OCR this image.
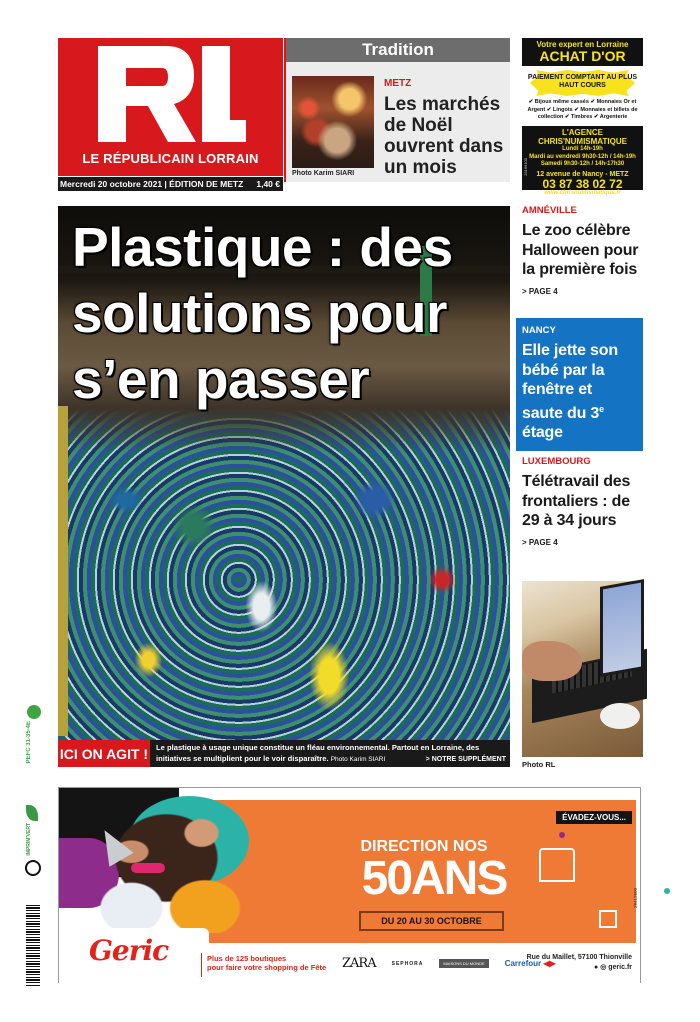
LE RÉPUBLICAIN LORRAIN
Mercredi 20 octobre 2021 | ÉDITION DE METZ 1,40 €
Tradition
Photo Karim SIARI
METZ
Les marchés de Noël ouvrent dans un mois
Votre expert en Lorraine
ACHAT D'OR
PAIEMENT COMPTANT AU PLUS HAUT COURS
✔ Bijoux même cassés ✔ Monnaies Or et Argent ✔ Lingots ✔ Monnaies et billets de collection ✔ Timbres ✔ Argenterie
L'AGENCE CHRIS'NUMISMATIQUE
Lundi 14h-19h
Mardi au vendredi 9h30-12h / 14h-19h
Samedi 9h30-12h / 14h-17h30
12 avenue de Nancy - METZ
03 87 38 02 72
www.chrisnumismatique.fr
23166100
Plastique : des solutions pour s’en passer
ICI ON AGIT !	Le plastique à usage unique constitue un fléau environnemental. Partout en Lorraine, des initiatives se multiplient pour le voir disparaître. Photo Karim SIARI	> NOTRE SUPPLÉMENT
AMNÉVILLE
Le zoo célèbre Halloween pour la première fois
> PAGE 4
NANCY
Elle jette son bébé par la fenêtre et saute du 3e étage
>PAGE 26
LUXEMBOURG
Télétravail des frontaliers : de 29 à 34 jours
> PAGE 4
Photo RL
PEFC 31-35-4E
IMPRIM'VERT
ÉVADEZ-VOUS...
DIRECTION NOS
50ANS
DU 20 AU 30 OCTOBRE
28412600
Geric	Plus de 125 boutiques
pour faire votre shopping de Fête ZARA	SEPHORA	MAISONS DU MONDE	Carrefour ◀▶
Rue du Maillet, 57100 Thionville
● ◎ geric.fr
